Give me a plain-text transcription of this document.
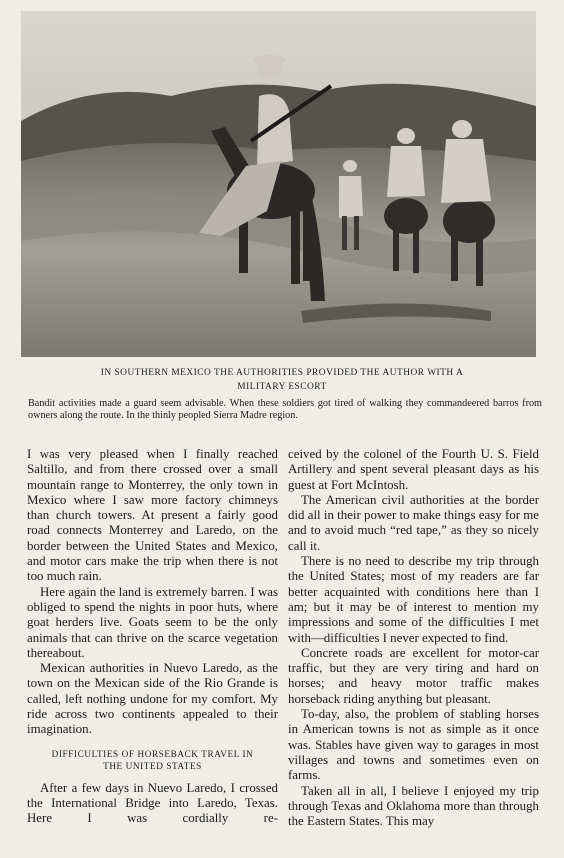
IN SOUTHERN MEXICO THE AUTHORITIES PROVIDED THE AUTHOR WITH A
MILITARY ESCORT
Bandit activities made a guard seem advisable. When these soldiers got tired of walking they commandeered barros from owners along the route. In the thinly peopled Sierra Madre region.

I was very pleased when I finally reached Saltillo, and from there crossed over a small mountain range to Monterrey, the only town in Mexico where I saw more factory chimneys than church towers. At present a fairly good road connects Monterrey and Laredo, on the border between the United States and Mexico, and motor cars make the trip when there is not too much rain.

Here again the land is extremely barren. I was obliged to spend the nights in poor huts, where goat herders live. Goats seem to be the only animals that can thrive on the scarce vegetation thereabout.

Mexican authorities in Nuevo Laredo, as the town on the Mexican side of the Rio Grande is called, left nothing undone for my comfort. My ride across two continents appealed to their imagination.

DIFFICULTIES OF HORSEBACK TRAVEL IN
THE UNITED STATES

After a few days in Nuevo Laredo, I crossed the International Bridge into Laredo, Texas. Here I was cordially re-

ceived by the colonel of the Fourth U. S. Field Artillery and spent several pleasant days as his guest at Fort McIntosh.

The American civil authorities at the border did all in their power to make things easy for me and to avoid much “red tape,” as they so nicely call it.

There is no need to describe my trip through the United States; most of my readers are far better acquainted with conditions here than I am; but it may be of interest to mention my impressions and some of the difficulties I met with—difficulties I never expected to find.

Concrete roads are excellent for motor-car traffic, but they are very tiring and hard on horses; and heavy motor traffic makes horseback riding anything but pleasant.

To-day, also, the problem of stabling horses in American towns is not as simple as it once was. Stables have given way to garages in most villages and towns and sometimes even on farms.

Taken all in all, I believe I enjoyed my trip through Texas and Oklahoma more than through the Eastern States. This may
